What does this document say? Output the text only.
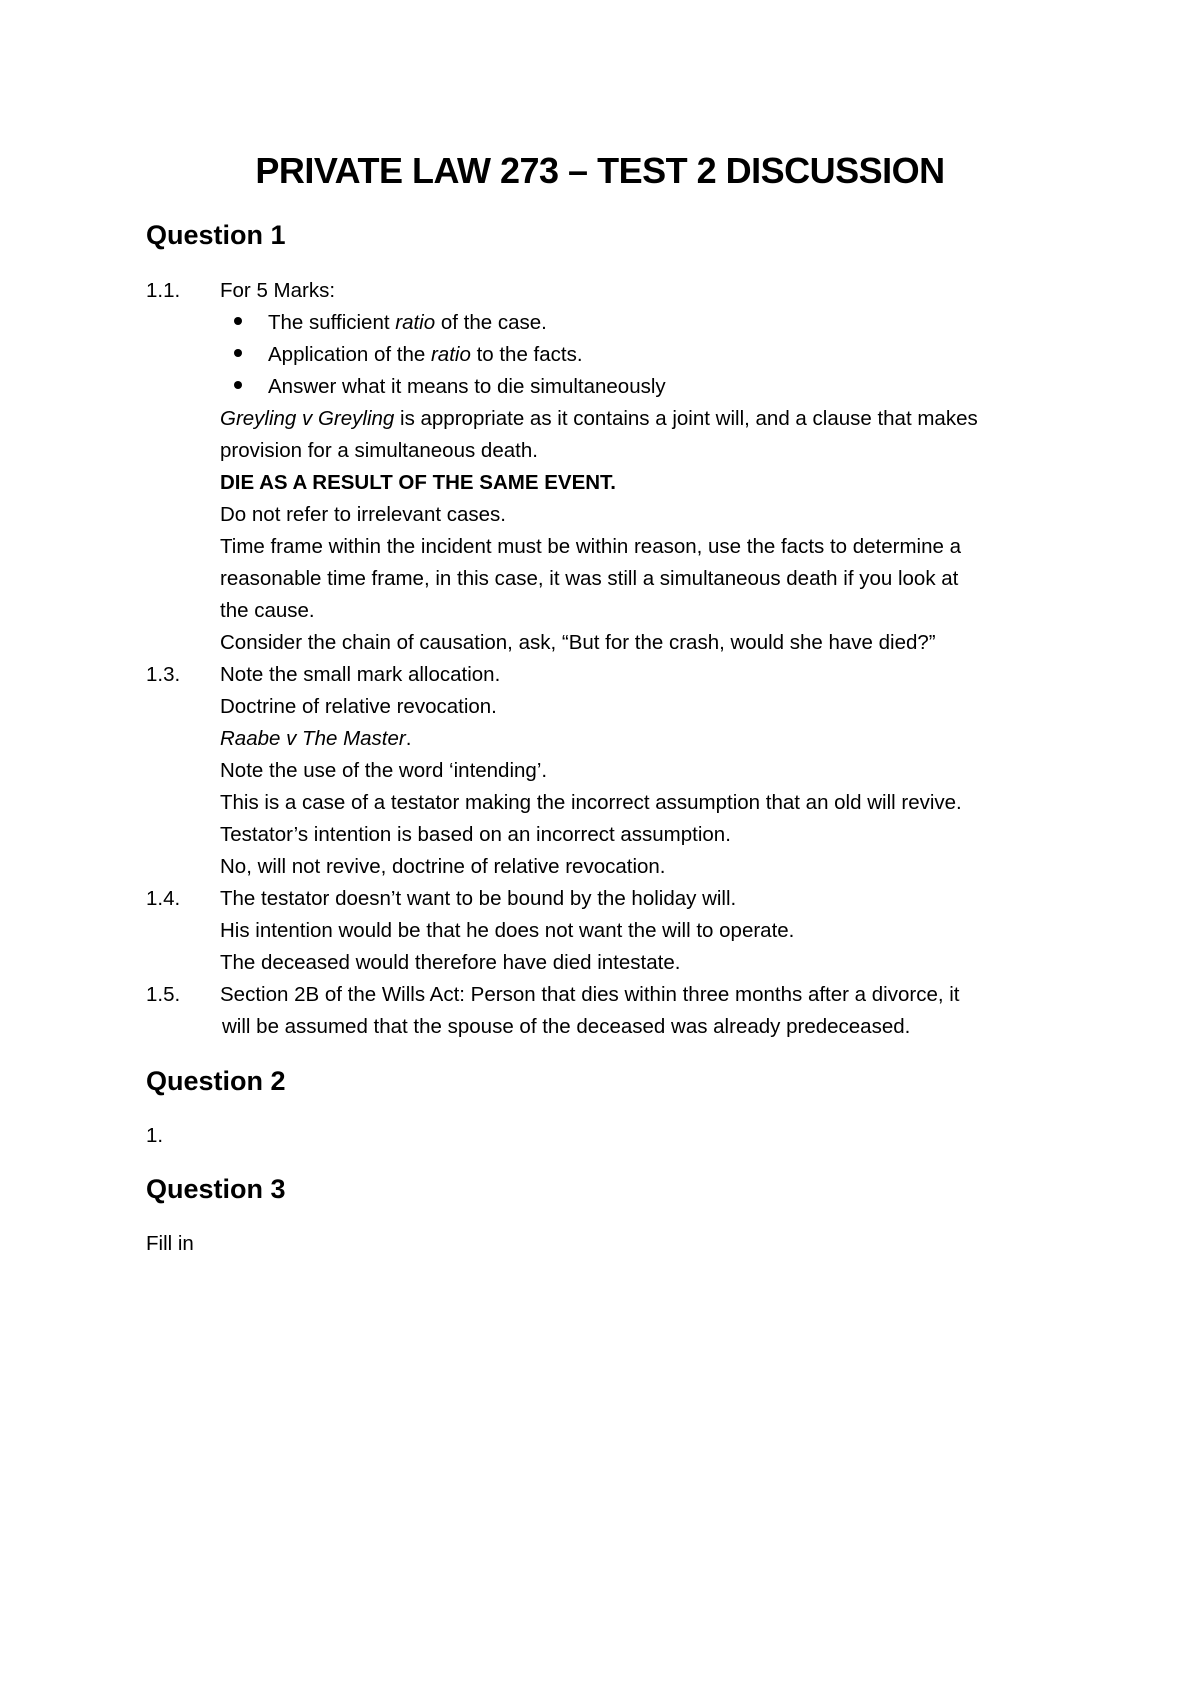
PRIVATE LAW 273 – TEST 2 DISCUSSION
Question 1
1.1. For 5 Marks:
The sufficient ratio of the case.
Application of the ratio to the facts.
Answer what it means to die simultaneously
Greyling v Greyling is appropriate as it contains a joint will, and a clause that makes
provision for a simultaneous death.
DIE AS A RESULT OF THE SAME EVENT.
Do not refer to irrelevant cases.
Time frame within the incident must be within reason, use the facts to determine a
reasonable time frame, in this case, it was still a simultaneous death if you look at
the cause.
Consider the chain of causation, ask, “But for the crash, would she have died?”
1.3. Note the small mark allocation.
Doctrine of relative revocation.
Raabe v The Master.
Note the use of the word ‘intending’.
This is a case of a testator making the incorrect assumption that an old will revive.
Testator’s intention is based on an incorrect assumption.
No, will not revive, doctrine of relative revocation.
1.4. The testator doesn’t want to be bound by the holiday will.
His intention would be that he does not want the will to operate.
The deceased would therefore have died intestate.
1.5. Section 2B of the Wills Act: Person that dies within three months after a divorce, it
will be assumed that the spouse of the deceased was already predeceased.
Question 2
1.
Question 3
Fill in
